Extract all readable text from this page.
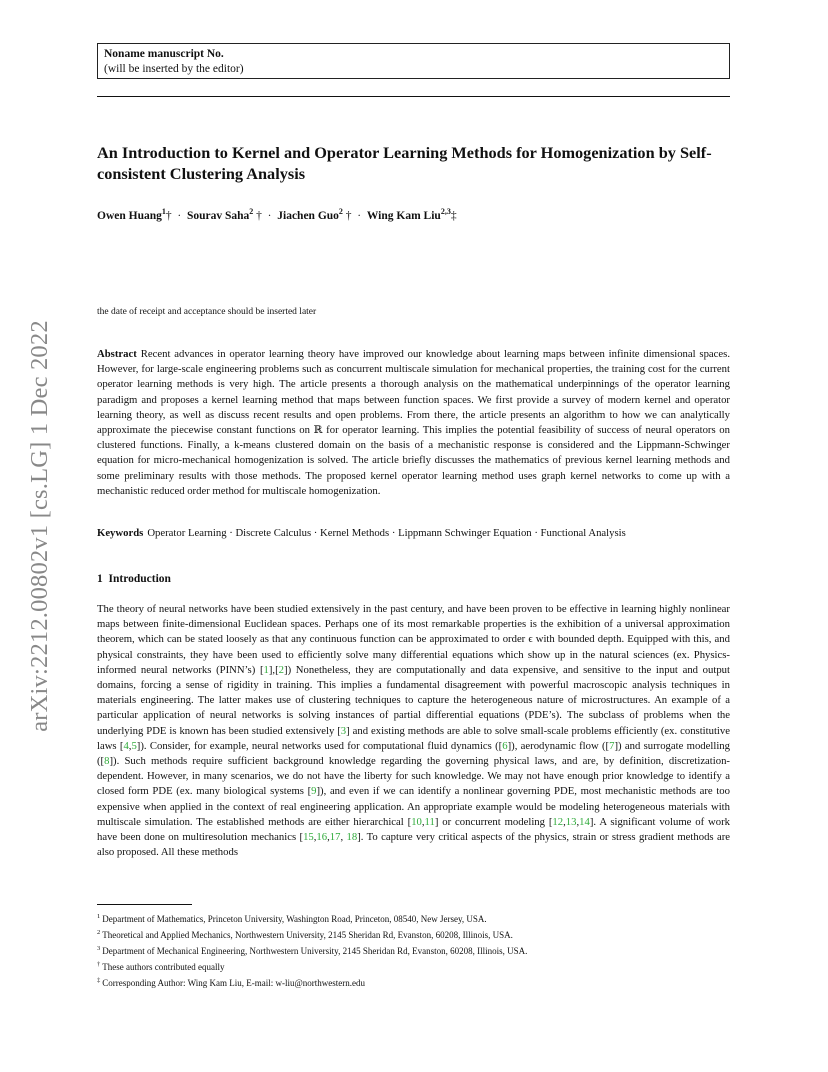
Noname manuscript No.
(will be inserted by the editor)
An Introduction to Kernel and Operator Learning Methods for Homogenization by Self-consistent Clustering Analysis
Owen Huang$^1$† · Sourav Saha$^2$ † · Jiachen Guo$^2$ † · Wing Kam Liu$^{2,3}$‡
the date of receipt and acceptance should be inserted later
arXiv:2212.00802v1 [cs.LG] 1 Dec 2022	Abstract Recent advances in operator learning theory have improved our knowledge about learning maps between infinite dimensional spaces. However, for large-scale engineering problems such as concurrent multiscale simulation for mechanical properties, the training cost for the current operator learning methods is very high. The article presents a thorough analysis on the mathematical underpinnings of the operator learning paradigm and proposes a kernel learning method that maps between function spaces. We first provide a survey of modern kernel and operator learning theory, as well as discuss recent results and open problems. From there, the article presents an algorithm to how we can analytically approximate the piecewise constant functions on ℝ for operator learning. This implies the potential feasibility of success of neural operators on clustered functions. Finally, a k-means clustered domain on the basis of a mechanistic response is considered and the Lippmann-Schwinger equation for micro-mechanical homogenization is solved. The article briefly discusses the mathematics of previous kernel learning methods and some preliminary results with those methods. The proposed kernel operator learning method uses graph kernel networks to come up with a mechanistic reduced order method for multiscale homogenization.
Keywords Operator Learning · Discrete Calculus · Kernel Methods · Lippmann Schwinger Equation · Functional Analysis
1 Introduction
The theory of neural networks have been studied extensively in the past century, and have been proven to be effective in learning highly nonlinear maps between finite-dimensional Euclidean spaces. Perhaps one of its most remarkable properties is the exhibition of a universal approximation theorem, which can be stated loosely as that any continuous function can be approximated to order ϵ with bounded depth. Equipped with this, and physical constraints, they have been used to efficiently solve many differential equations which show up in the natural sciences (ex. Physics-informed neural networks (PINN’s) [1],[2]) Nonetheless, they are computationally and data expensive, and sensitive to the input and output domains, forcing a sense of rigidity in training. This implies a fundamental disagreement with powerful macroscopic analysis techniques in materials engineering. The latter makes use of clustering techniques to capture the heterogeneous nature of microstructures. An example of a particular application of neural networks is solving instances of partial differential equations (PDE’s). The subclass of problems when the underlying PDE is known has been studied extensively [3] and existing methods are able to solve small-scale problems efficiently (ex. constitutive laws [4,5]). Consider, for example, neural networks used for computational fluid dynamics ([6]), aerodynamic flow ([7]) and surrogate modelling ([8]). Such methods require sufficient background knowledge regarding the governing physical laws, and are, by definition, discretization-dependent. However, in many scenarios, we do not have the liberty for such knowledge. We may not have enough prior knowledge to identify a closed form PDE (ex. many biological systems [9]), and even if we can identify a nonlinear governing PDE, most mechanistic methods are too expensive when applied in the context of real engineering application. An appropriate example would be modeling heterogeneous materials with multiscale simulation. The established methods are either hierarchical [10,11] or concurrent modeling [12,13,14]. A significant volume of work have been done on multiresolution mechanics [15,16,17, 18]. To capture very critical aspects of the physics, strain or stress gradient methods are also proposed. All these methods
$^1$ Department of Mathematics, Princeton University, Washington Road, Princeton, 08540, New Jersey, USA.
$^2$ Theoretical and Applied Mechanics, Northwestern University, 2145 Sheridan Rd, Evanston, 60208, Illinois, USA.
$^3$ Department of Mechanical Engineering, Northwestern University, 2145 Sheridan Rd, Evanston, 60208, Illinois, USA.
† These authors contributed equally
‡ Corresponding Author: Wing Kam Liu, E-mail: w-liu@northwestern.edu
